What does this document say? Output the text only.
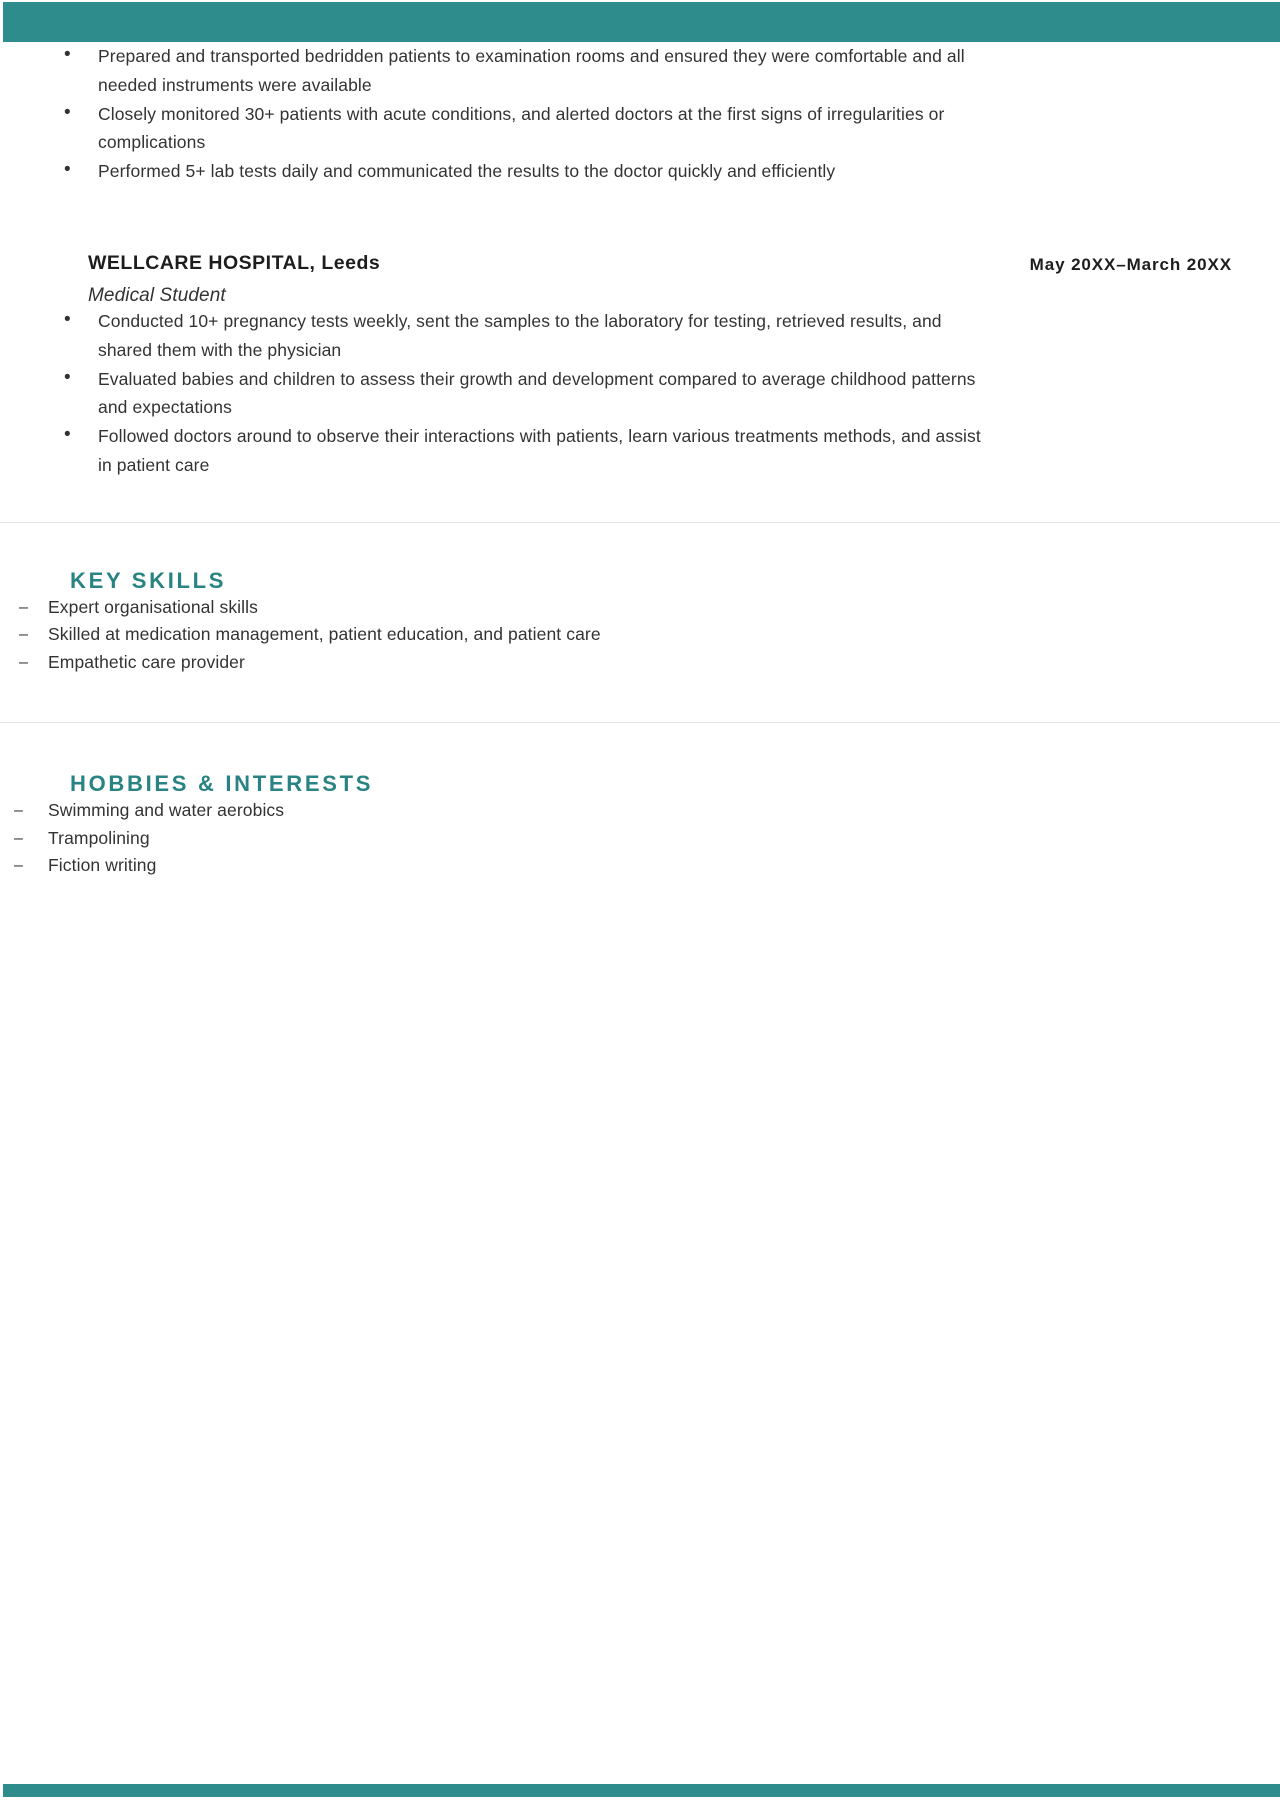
• Prepared and transported bedridden patients to examination rooms and ensured they were comfortable and all needed instruments were available
• Closely monitored 30+ patients with acute conditions, and alerted doctors at the first signs of irregularities or complications
• Performed 5+ lab tests daily and communicated the results to the doctor quickly and efficiently
WELLCARE HOSPITAL, Leeds	May 20XX–March 20XX
Medical Student
• Conducted 10+ pregnancy tests weekly, sent the samples to the laboratory for testing, retrieved results, and shared them with the physician
• Evaluated babies and children to assess their growth and development compared to average childhood patterns and expectations
• Followed doctors around to observe their interactions with patients, learn various treatments methods, and assist in patient care
KEY SKILLS
– Expert organisational skills
– Skilled at medication management, patient education, and patient care
– Empathetic care provider
HOBBIES & INTERESTS
– Swimming and water aerobics
– Trampolining
– Fiction writing
